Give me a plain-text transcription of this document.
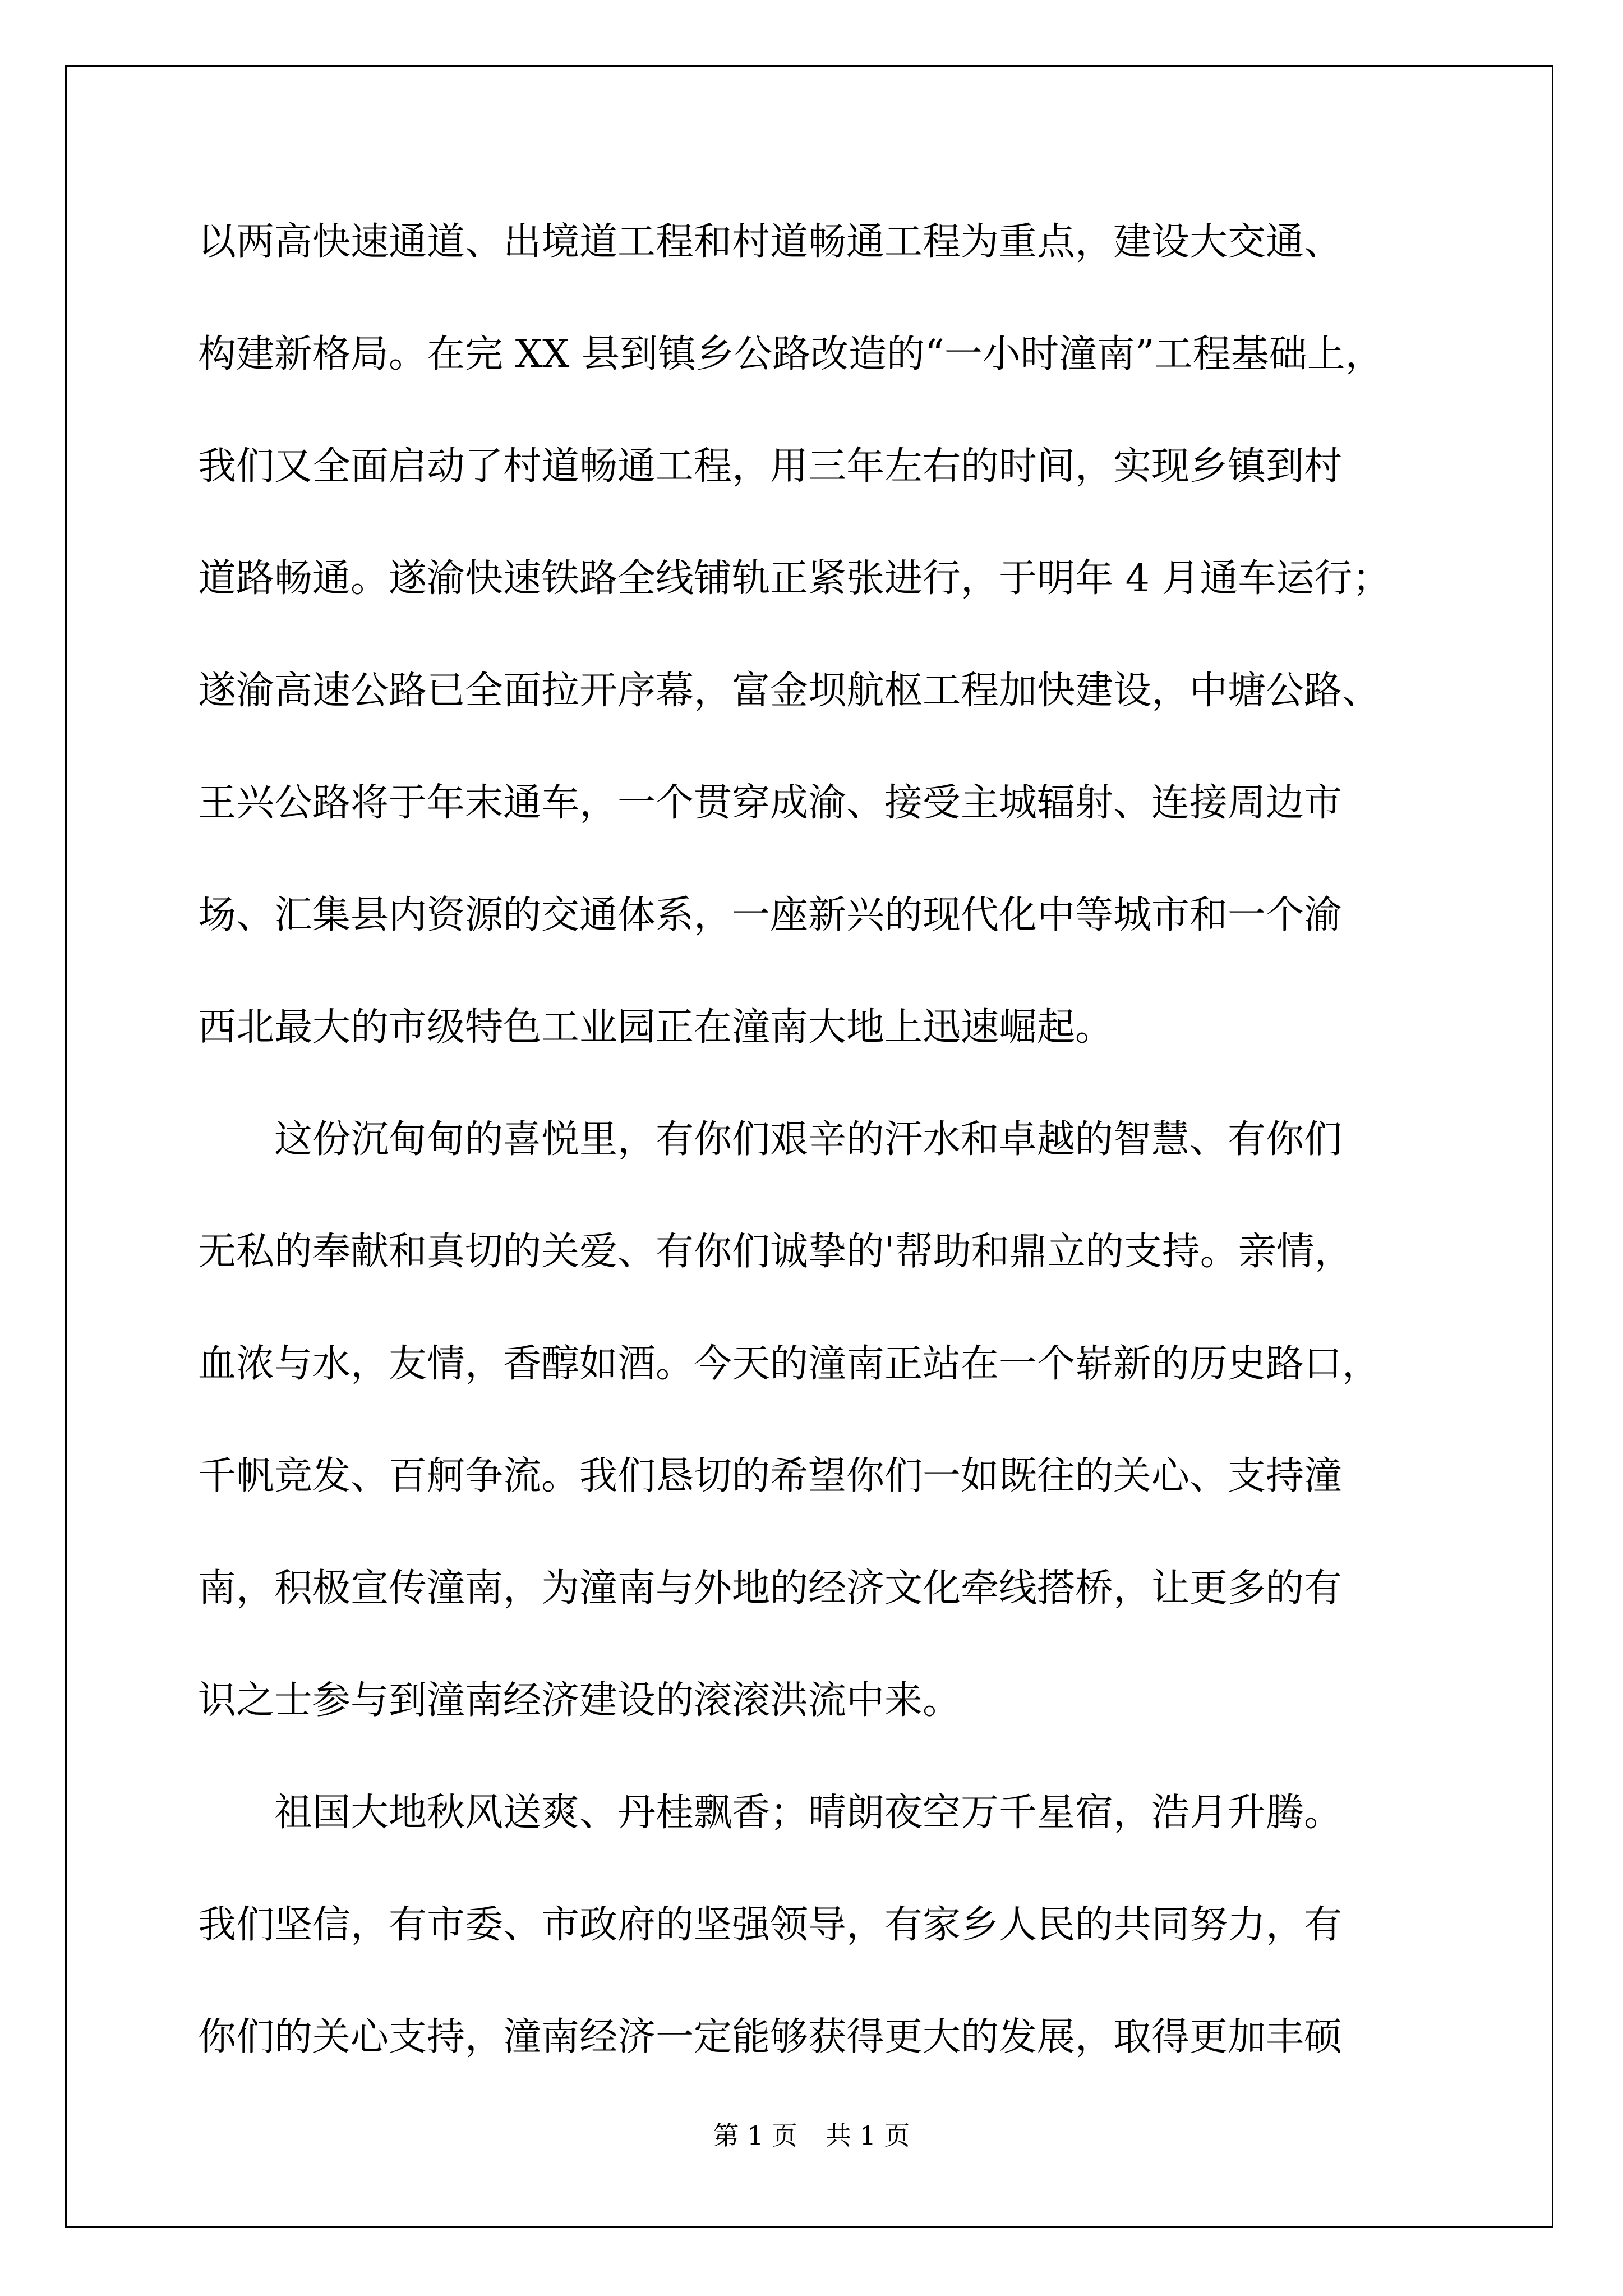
以两高快速通道、出境道工程和村道畅通工程为重点，建设大交通、

构建新格局。在完 XX 县到镇乡公路改造的“一小时潼南”工程基础上，

我们又全面启动了村道畅通工程，用三年左右的时间，实现乡镇到村

道路畅通。遂渝快速铁路全线铺轨正紧张进行，于明年 4 月通车运行；

遂渝高速公路已全面拉开序幕，富金坝航枢工程加快建设，中塘公路、

王兴公路将于年末通车，一个贯穿成渝、接受主城辐射、连接周边市

场、汇集县内资源的交通体系，一座新兴的现代化中等城市和一个渝

西北最大的市级特色工业园正在潼南大地上迅速崛起。

　　这份沉甸甸的喜悦里，有你们艰辛的汗水和卓越的智慧、有你们

无私的奉献和真切的关爱、有你们诚挚的'帮助和鼎立的支持。亲情，

血浓与水，友情，香醇如酒。今天的潼南正站在一个崭新的历史路口，

千帆竞发、百舸争流。我们恳切的希望你们一如既往的关心、支持潼

南，积极宣传潼南，为潼南与外地的经济文化牵线搭桥，让更多的有

识之士参与到潼南经济建设的滚滚洪流中来。

　　祖国大地秋风送爽、丹桂飘香；晴朗夜空万千星宿，浩月升腾。

我们坚信，有市委、市政府的坚强领导，有家乡人民的共同努力，有

你们的关心支持，潼南经济一定能够获得更大的发展，取得更加丰硕

第 1 页 共 1 页
